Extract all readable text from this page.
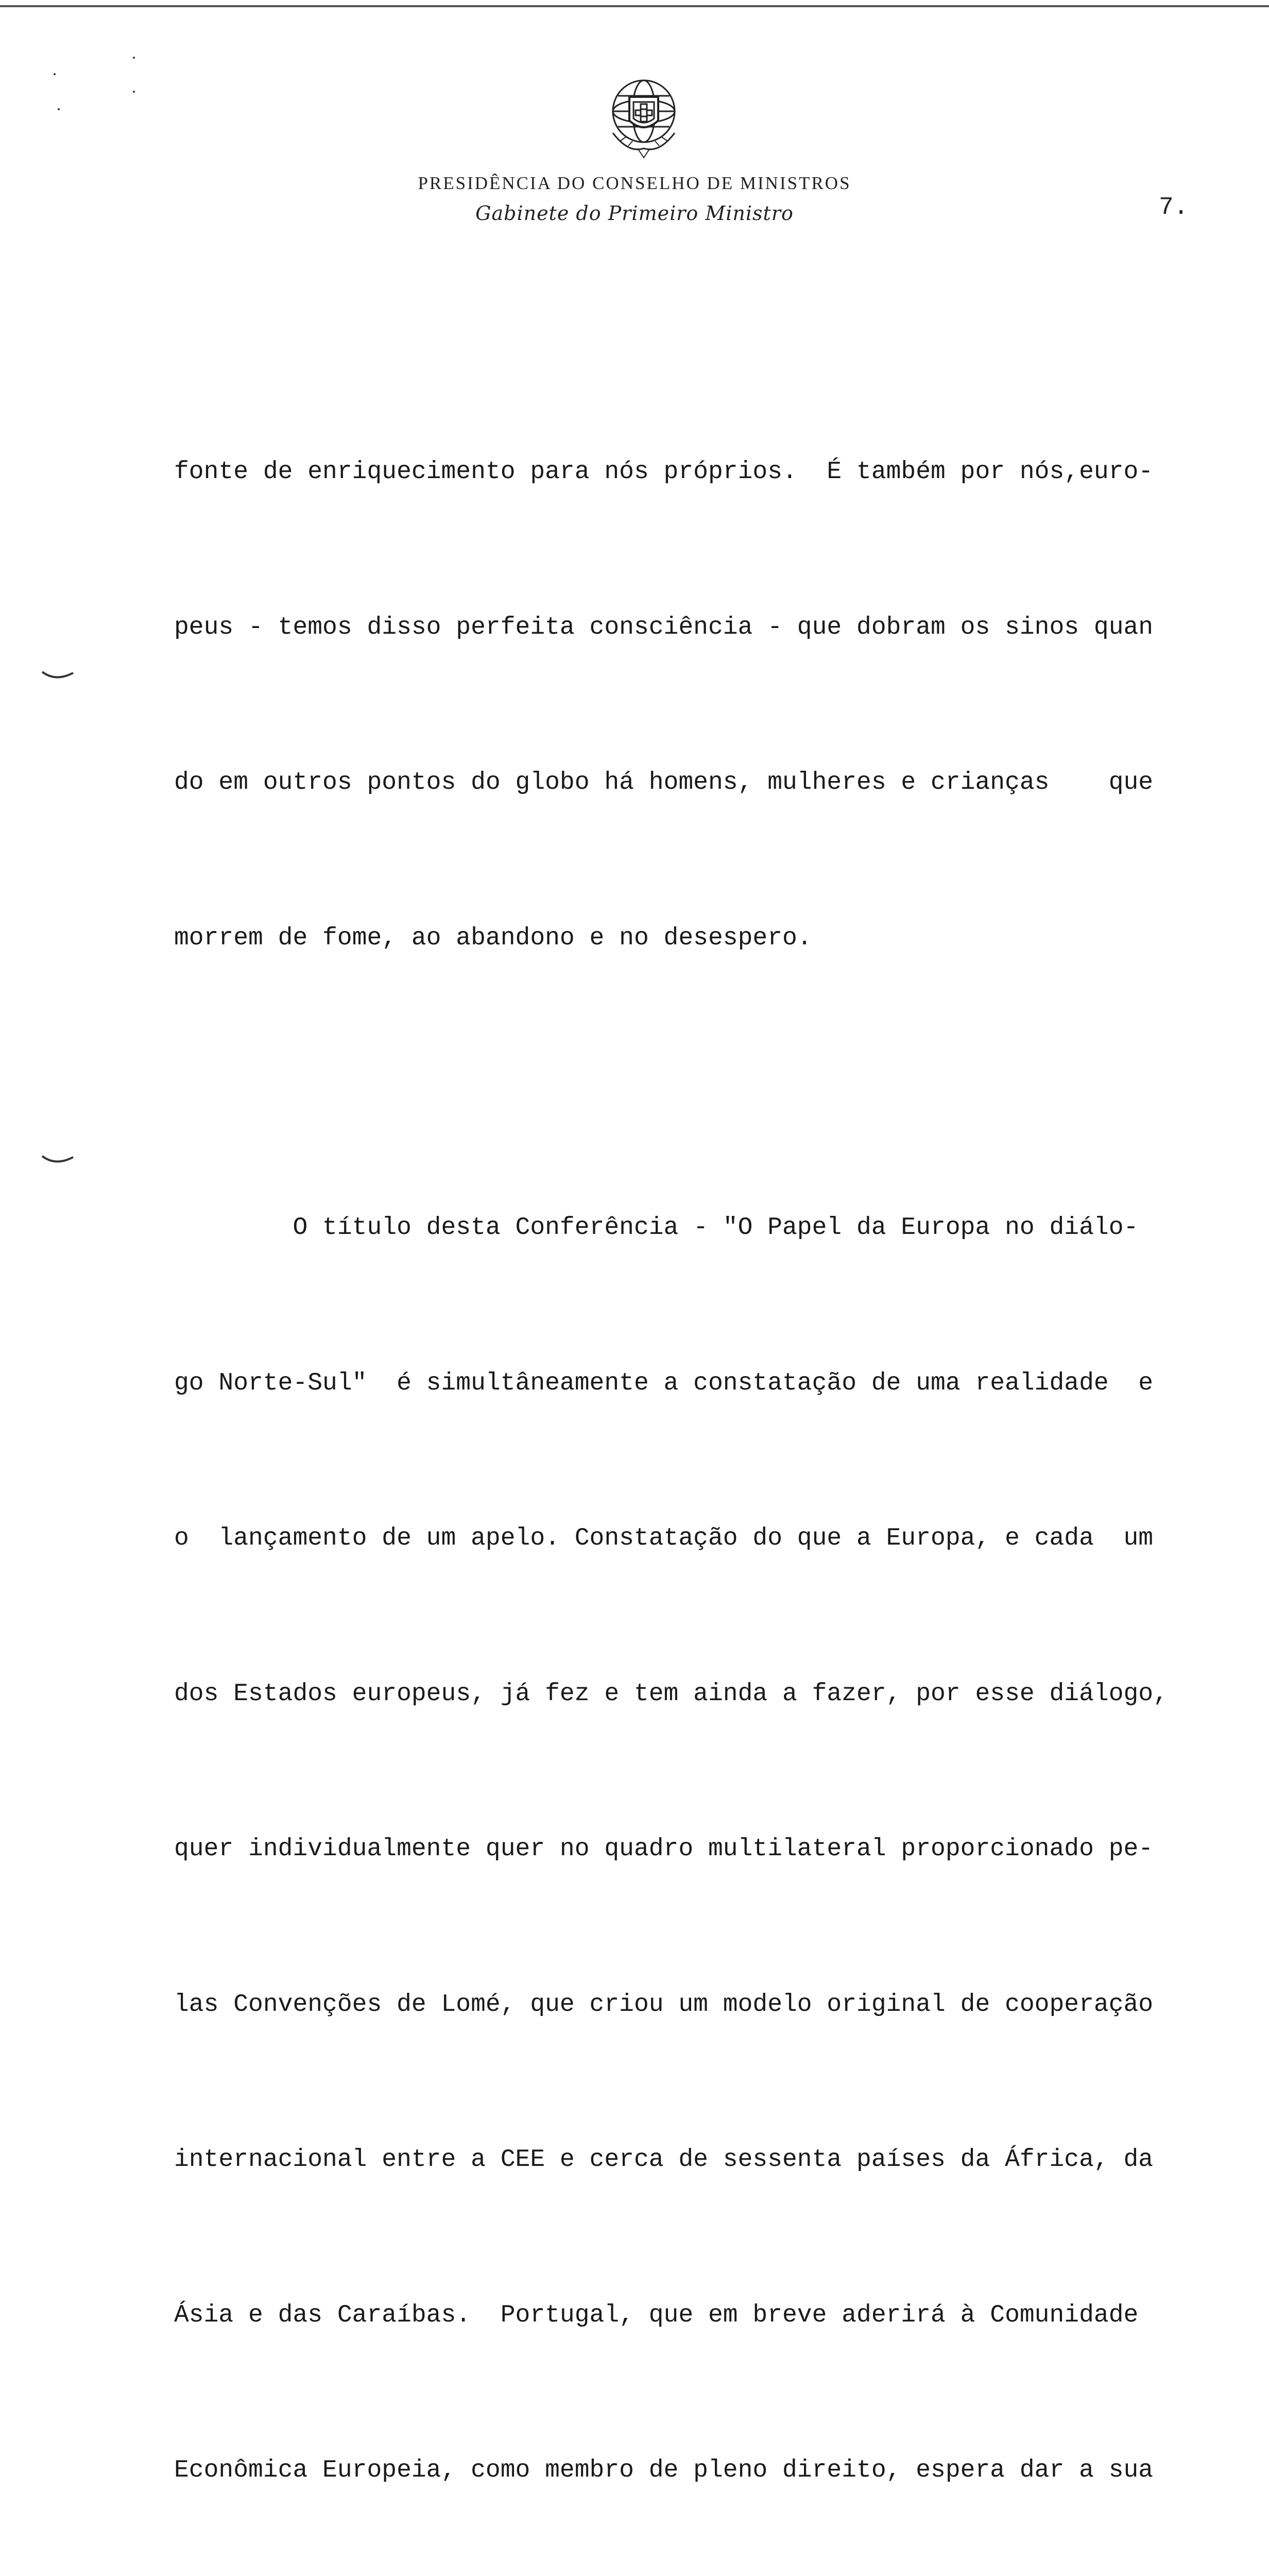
PRESIDÊNCIA DO CONSELHO DE MINISTROS
Gabinete do Primeiro Ministro	7.

fonte de enriquecimento para nós próprios.  É também por nós,euro-

peus - temos disso perfeita consciência - que dobram os sinos quan

do em outros pontos do globo há homens, mulheres e crianças    que

morrem de fome, ao abandono e no desespero.

O título desta Conferência - "O Papel da Europa no diálo-

go Norte-Sul"  é simultâneamente a constatação de uma realidade  e

o  lançamento de um apelo. Constatação do que a Europa, e cada  um

dos Estados europeus, já fez e tem ainda a fazer, por esse diálogo,

quer individualmente quer no quadro multilateral proporcionado pe-

las Convenções de Lomé, que criou um modelo original de cooperação

internacional entre a CEE e cerca de sessenta países da África, da

Ásia e das Caraíbas.  Portugal, que em breve aderirá à Comunidade

Econômica Europeia, como membro de pleno direito, espera dar a sua
